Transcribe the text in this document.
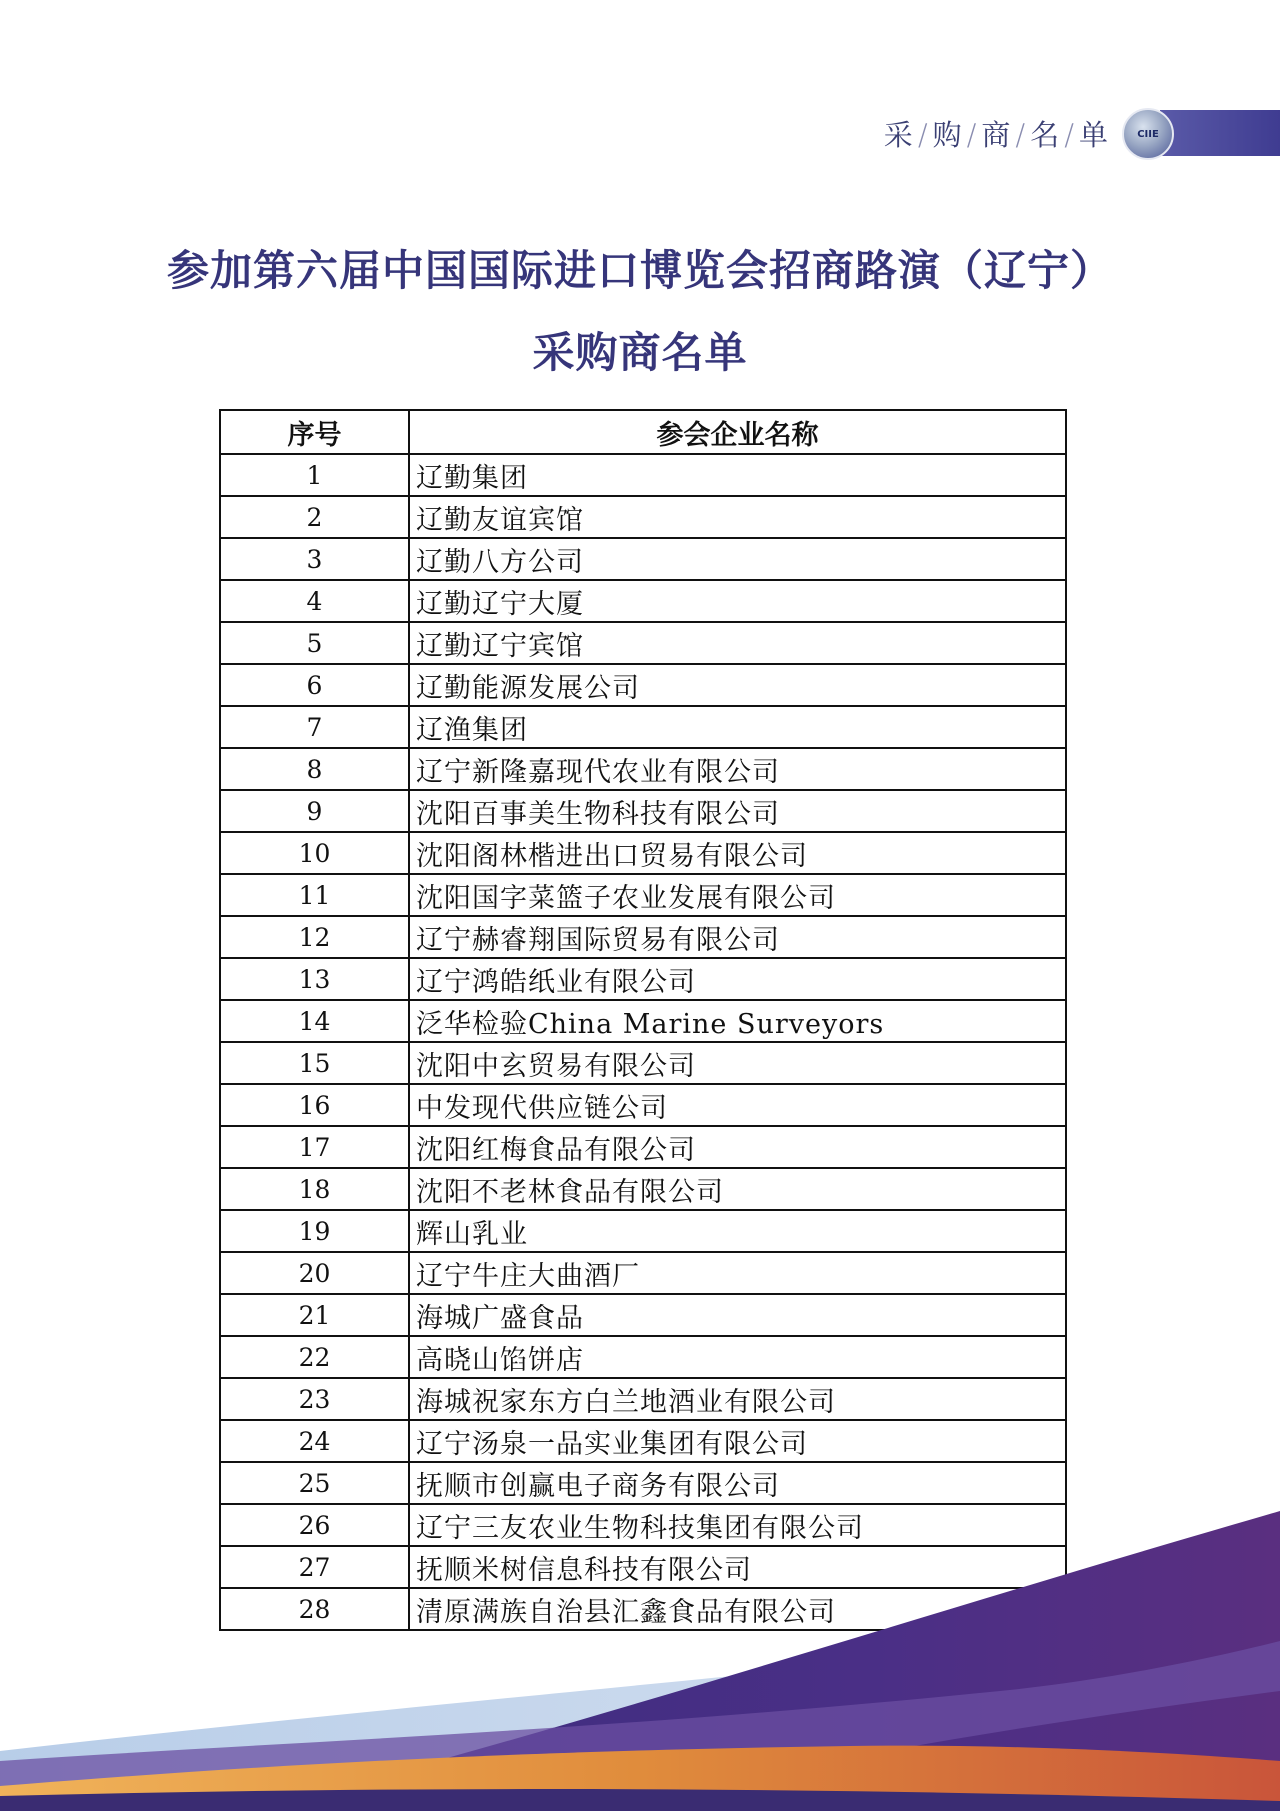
采 / 购 / 商 / 名 / 单	CIIE
参加第六届中国国际进口博览会招商路演（辽宁）
采购商名单
序号	参会企业名称
1	辽勤集团
2	辽勤友谊宾馆
3	辽勤八方公司
4	辽勤辽宁大厦
5	辽勤辽宁宾馆
6	辽勤能源发展公司
7	辽渔集团
8	辽宁新隆嘉现代农业有限公司
9	沈阳百事美生物科技有限公司
10	沈阳阁林楷进出口贸易有限公司
11	沈阳国字菜篮子农业发展有限公司
12	辽宁赫睿翔国际贸易有限公司
13	辽宁鸿皓纸业有限公司
14	泛华检验China Marine Surveyors
15	沈阳中玄贸易有限公司
16	中发现代供应链公司
17	沈阳红梅食品有限公司
18	沈阳不老林食品有限公司
19	辉山乳业
20	辽宁牛庄大曲酒厂
21	海城广盛食品
22	高晓山馅饼店
23	海城祝家东方白兰地酒业有限公司
24	辽宁汤泉一品实业集团有限公司
25	抚顺市创赢电子商务有限公司
26	辽宁三友农业生物科技集团有限公司
27	抚顺米树信息科技有限公司
28	清原满族自治县汇鑫食品有限公司
